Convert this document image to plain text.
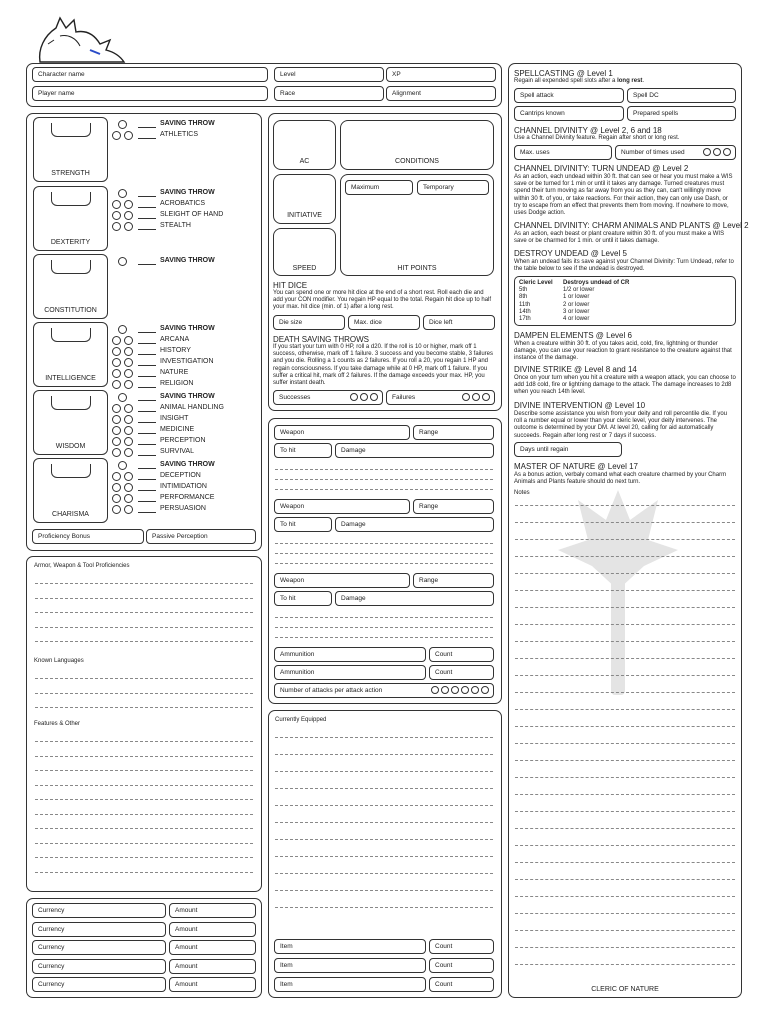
Character name
Player name
Level	XP
Race	Alignment
Proficiency Bonus	Passive Perception
AC	CONDITIONS
INITIATIVE
Maximum	Temporary
HIT POINTS
SPEED
HIT DICE
You can spend one or more hit dice at the end of a short rest. Roll each die and add your CON modifier. You regain HP equal to the total. Regain hit dice up to half your max. hit dice (min. of 1) after a long rest.
Die size	Max. dice	Dice left
DEATH SAVING THROWS
If you start your turn with 0 HP, roll a d20. If the roll is 10 or higher, mark off 1 success, otherwise, mark off 1 failure. 3 success and you become stable, 3 failures and you die. Rolling a 1 counts as 2 failures. If you roll a 20, you regain 1 HP and regain consciousness. If you take damage while at 0 HP, mark off 1 failure. If you suffer a critical hit, mark off 2 failures. If the damage exceeds your max. HP, you suffer instant death.
Successes	Failures
Ammunition	Count
Ammunition	Count
Number of attacks per attack action
Armor, Weapon & Tool Proficiencies
Known Languages
Features & Other
Currently Equipped
SPELLCASTING @ Level 1
Regain all expended spell slots after a long rest.
Spell attack	Spell DC
Cantrips known	Prepared spells
CHANNEL DIVINITY @ Level 2, 6 and 18
Use a Channel Divinity feature. Regain after short or long rest.
Max. uses	Number of times used
CHANNEL DIVINITY: TURN UNDEAD @ Level 2
As an action, each undead within 30 ft. that can see or hear you must make a WIS save or be turned for 1 min or until it takes any damage. Turned creatures must spend their turn moving as far away from you as they can, can't willingly move within 30 ft. of you, or take reactions. For their action, they can only use Dash, or try to escape from an effect that prevents them from moving. If nowhere to move, uses Dodge action.
CHANNEL DIVINITY: CHARM ANIMALS AND PLANTS @ Level 2
As an action, each beast or plant creature within 30 ft. of you must make a WIS save or be charmed for 1 min. or until it takes damage.
DESTROY UNDEAD @ Level 5
When an undead fails its save against your Channel Divinity: Turn Undead, refer to the table below to see if the undead is destroyed.
Cleric Level	Destroys undead of CR
5th	1/2 or lower
8th	1 or lower
11th	2 or lower
14th	3 or lower
17th	4 or lower
DAMPEN ELEMENTS @ Level 6
When a creature within 30 ft. of you takes acid, cold, fire, lightning or thunder damage, you can use your reaction to grant resistance to the creature against that instance of the damage.
DIVINE STRIKE @ Level 8 and 14
Once on your turn when you hit a creature with a weapon attack, you can choose to add 1d8 cold, fire or lightning damage to the attack. The damage increases to 2d8 when you reach 14th level.
DIVINE INTERVENTION @ Level 10
Describe some assistance you wish from your deity and roll percentile die. If you roll a number equal or lower than your cleric level, your deity intervenes. The outcome is determined by your DM. At level 20, calling for aid automatically succeeds. Regain after long rest or 7 days if success.
Days until regain
MASTER OF NATURE @ Level 17
As a bonus action, verbaly comand what each creature charmed by your Charm Animals and Plants feature should do next turn.
Notes
CLERIC OF NATURE
STRENGTH
SAVING THROW
ATHLETICS
DEXTERITY
SAVING THROW
ACROBATICS
SLEIGHT OF HAND
STEALTH
CONSTITUTION
SAVING THROW
INTELLIGENCE
SAVING THROW
ARCANA
HISTORY
INVESTIGATION
NATURE
RELIGION
WISDOM
SAVING THROW
ANIMAL HANDLING
INSIGHT
MEDICINE
PERCEPTION
SURVIVAL
CHARISMA
SAVING THROW
DECEPTION
INTIMIDATION
PERFORMANCE
PERSUASION
Weapon	Range
To hit	Damage
Weapon	Range
To hit	Damage
Weapon	Range
To hit	Damage
Currency	Amount
Currency	Amount
Currency	Amount
Currency	Amount
Currency	Amount
Item	Count
Item	Count
Item	Count
